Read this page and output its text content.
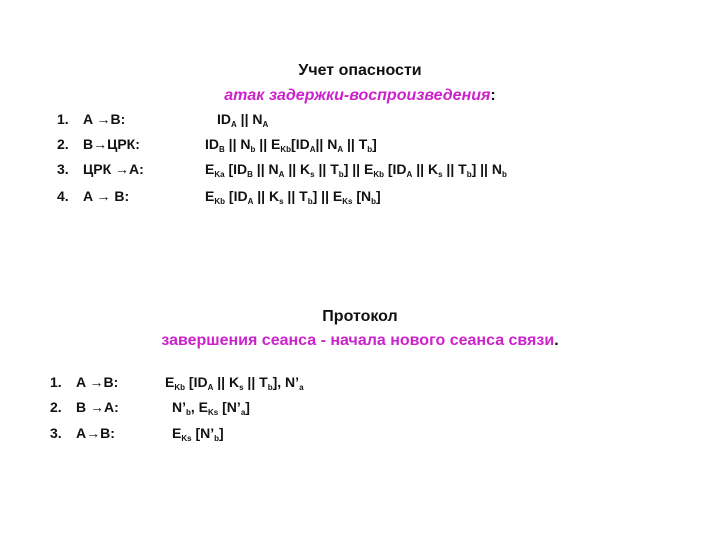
Учет опасности
атак задержки-воспроизведения:
1. A →B:	$ID_A$ || $N_A$
2. B→ЦРК:	$ID_B$ || $N_b$ || $E_{Kb}[ID_A||$ $N_A$ || $T_b$]
3. ЦРК →A:	$E_{Ka}$ [$ID_B$ || $N_A$ || $K_s$ || $T_b$] || $E_{Kb}$ [$ID_A$ || $K_s$ || $T_b$] || $N_b$
4. A → B:	$E_{Kb}$ [$ID_A$ || $K_s$ || $T_b$] || $E_{Ks}$ $[N_b]$
Протокол
завершения сеанса - начала нового сеанса связи.
1. A →B:	$E_{Kb}$ [$ID_A$ || $K_s$ || $T_b$], $N’_a$
2. B →A:	$N’_b$, $E_{Ks}$ $[N’_a]$
3. A→B:	$E_{Ks}$ $[N’_b]$
